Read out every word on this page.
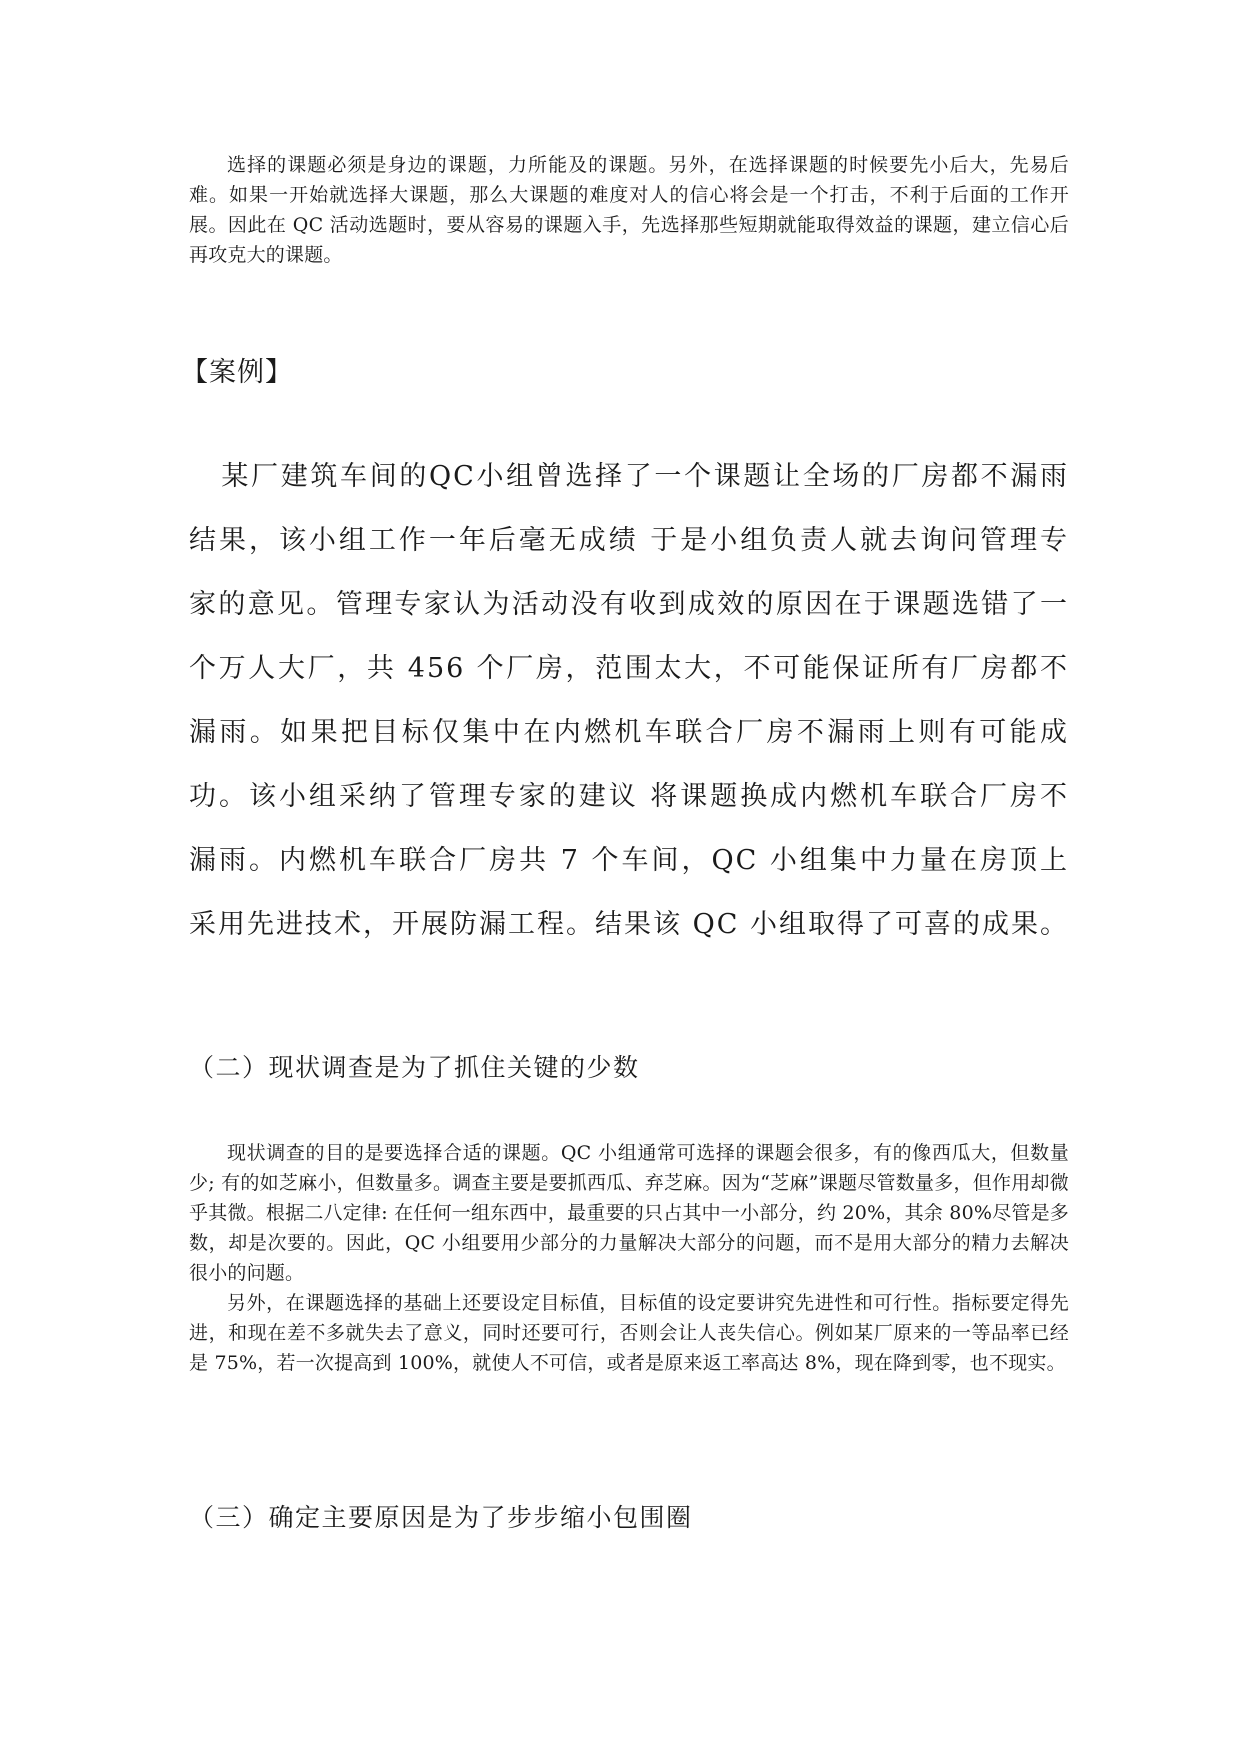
选择的课题必须是身边的课题，力所能及的课题。另外，在选择课题的时候要先小后大，先易后难。如果一开始就选择大课题，那么大课题的难度对人的信心将会是一个打击，不利于后面的工作开展。因此在 QC 活动选题时，要从容易的课题入手，先选择那些短期就能取得效益的课题，建立信心后再攻克大的课题。

【案例】

某厂建筑车间的QC小组曾选择了一个课题让全场的厂房都不漏雨结果，该小组工作一年后毫无成绩 于是小组负责人就去询问管理专家的意见。管理专家认为活动没有收到成效的原因在于课题选错了一个万人大厂，共 456 个厂房，范围太大，不可能保证所有厂房都不漏雨。如果把目标仅集中在内燃机车联合厂房不漏雨上则有可能成功。该小组采纳了管理专家的建议 将课题换成内燃机车联合厂房不漏雨。内燃机车联合厂房共 7 个车间，QC 小组集中力量在房顶上采用先进技术，开展防漏工程。结果该 QC 小组取得了可喜的成果。

（二）现状调查是为了抓住关键的少数

现状调查的目的是要选择合适的课题。QC 小组通常可选择的课题会很多，有的像西瓜大，但数量少; 有的如芝麻小，但数量多。调查主要是要抓西瓜、弃芝麻。因为“芝麻”课题尽管数量多，但作用却微乎其微。根据二八定律: 在任何一组东西中，最重要的只占其中一小部分，约 20%，其余 80%尽管是多数，却是次要的。因此，QC 小组要用少部分的力量解决大部分的问题，而不是用大部分的精力去解决很小的问题。

另外，在课题选择的基础上还要设定目标值，目标值的设定要讲究先进性和可行性。指标要定得先进，和现在差不多就失去了意义，同时还要可行，否则会让人丧失信心。例如某厂原来的一等品率已经是 75%，若一次提高到 100%，就使人不可信，或者是原来返工率高达 8%，现在降到零，也不现实。

（三）确定主要原因是为了步步缩小包围圈
